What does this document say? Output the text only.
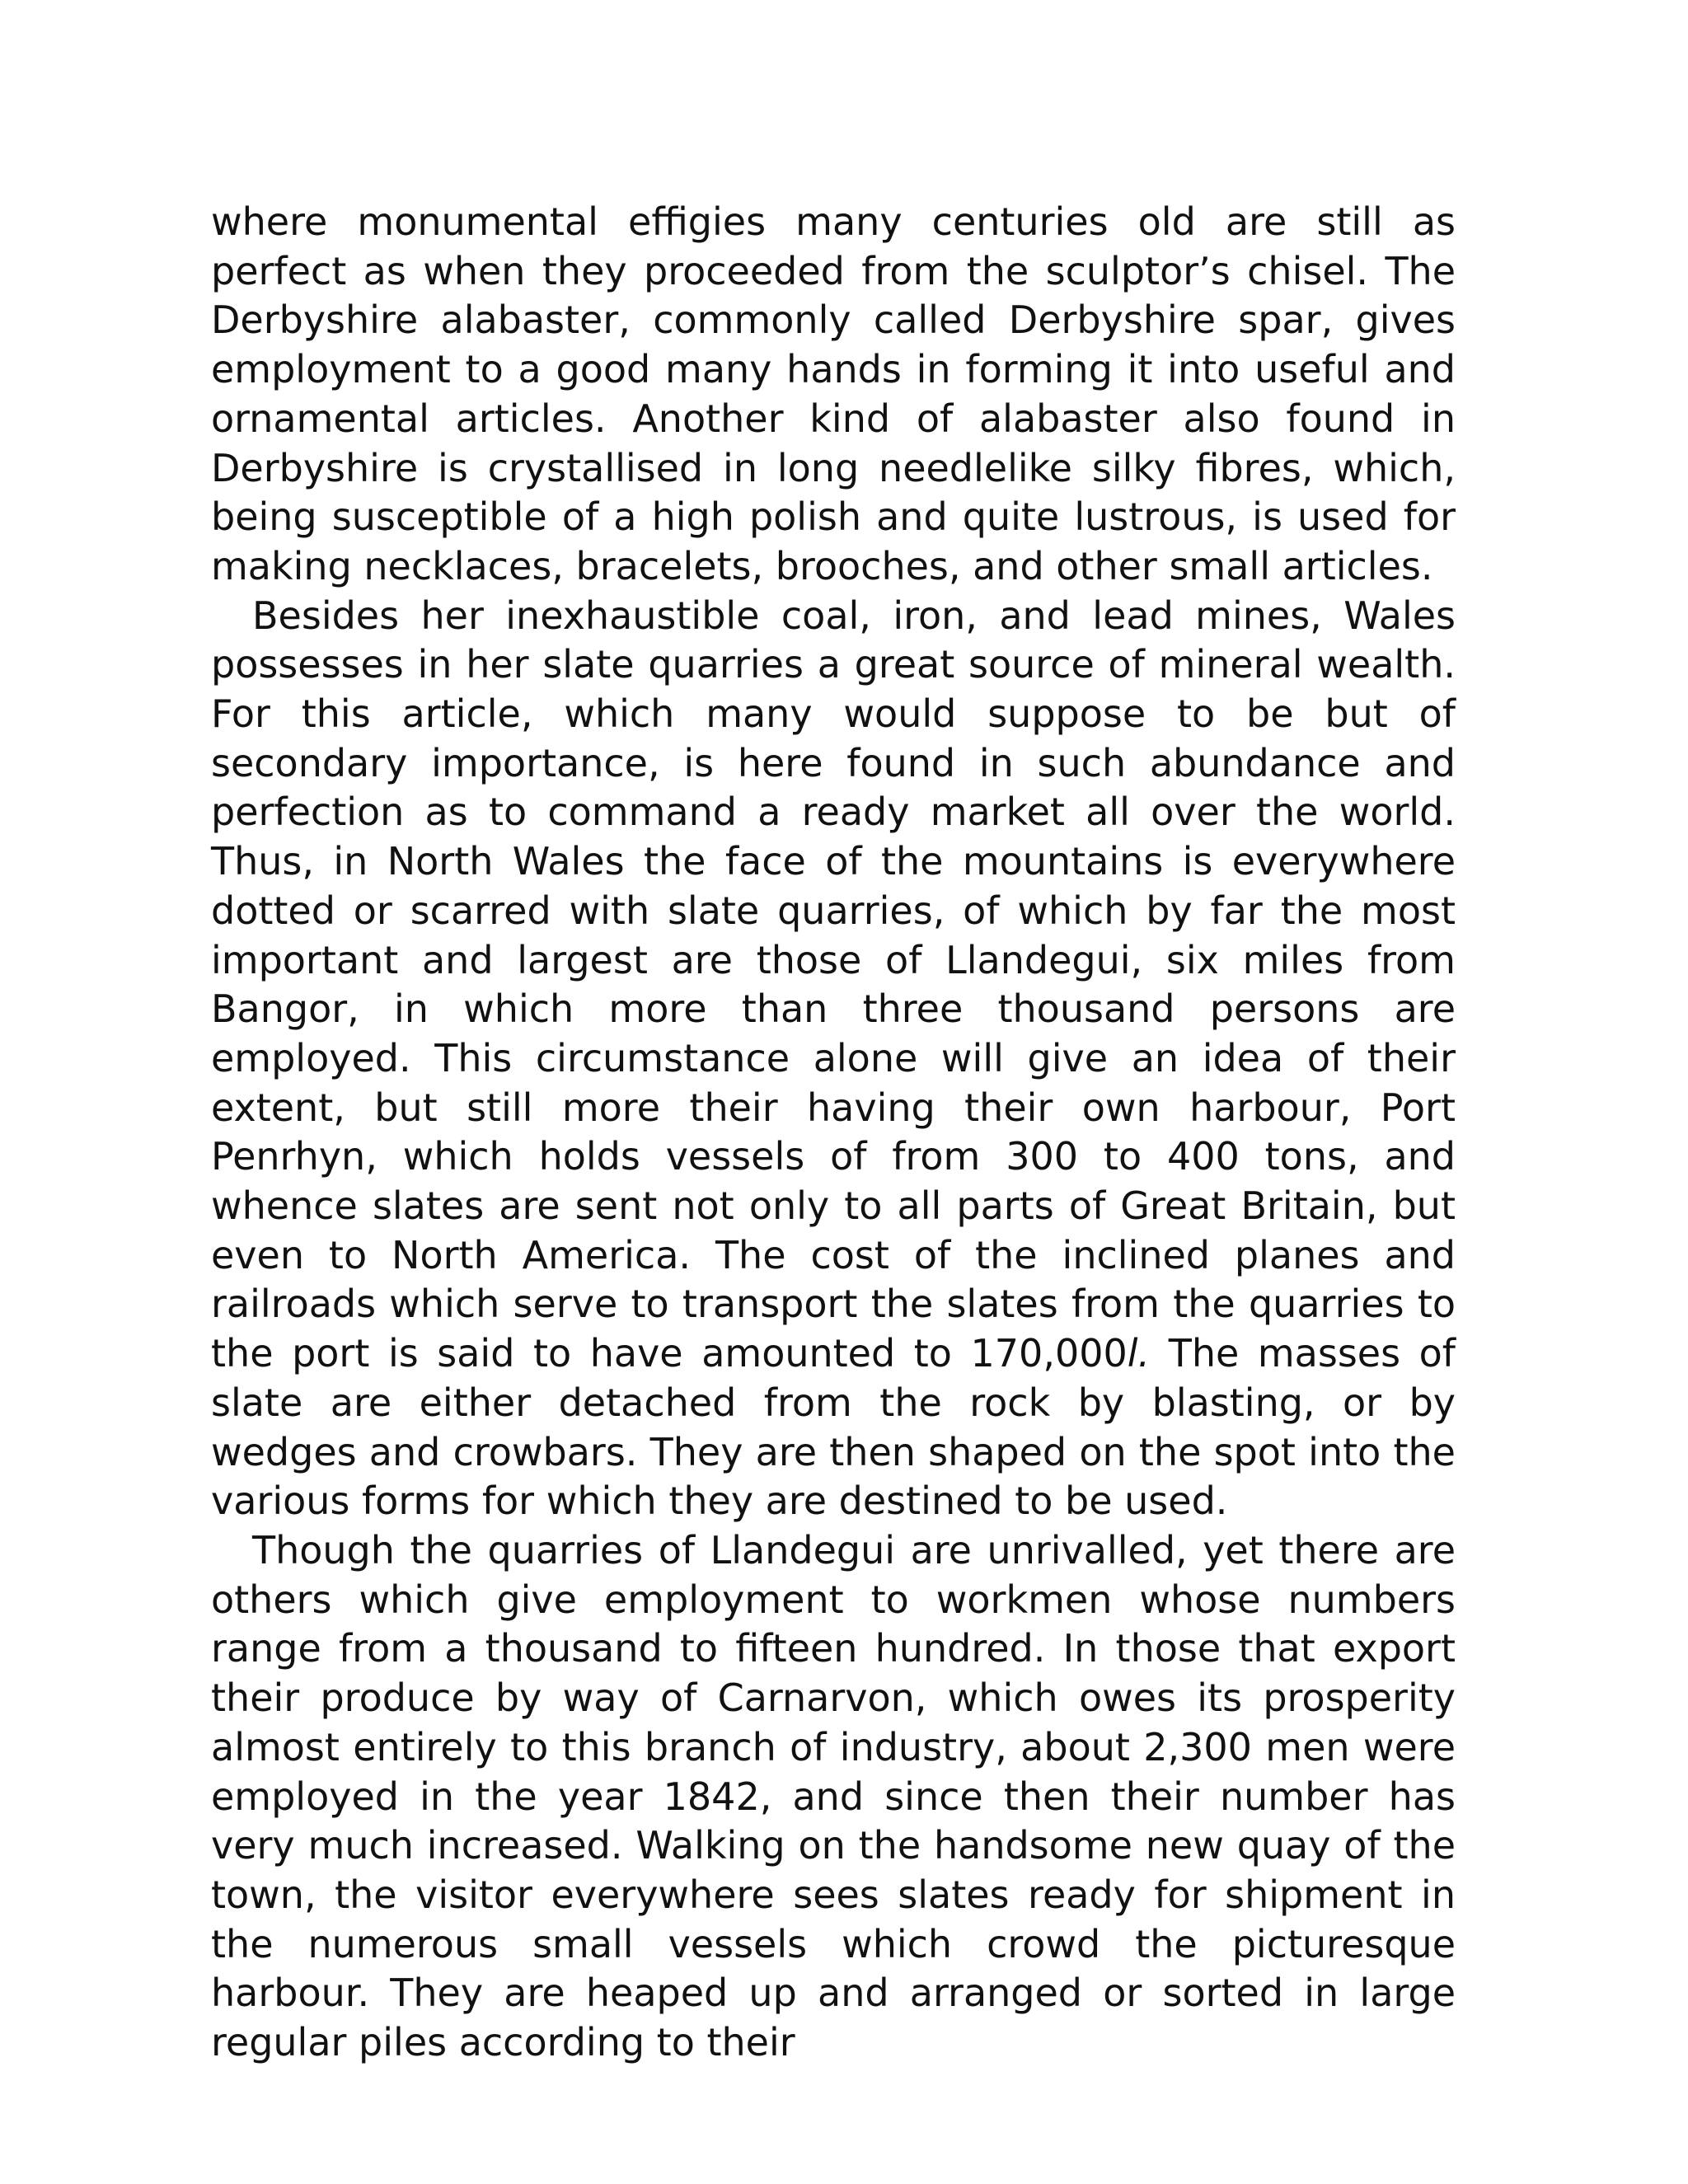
where monumental effigies many centuries old are still as perfect as when they proceeded from the sculptor’s chisel. The Derbyshire alabaster, commonly called Derbyshire spar, gives employment to a good many hands in forming it into useful and ornamental articles. Another kind of alabaster also found in Derbyshire is crystallised in long needlelike silky fibres, which, being susceptible of a high polish and quite lustrous, is used for making necklaces, bracelets, brooches, and other small articles.

Besides her inexhaustible coal, iron, and lead mines, Wales possesses in her slate quarries a great source of mineral wealth. For this article, which many would suppose to be but of secondary importance, is here found in such abundance and perfection as to command a ready market all over the world. Thus, in North Wales the face of the mountains is everywhere dotted or scarred with slate quarries, of which by far the most important and largest are those of Llandegui, six miles from Bangor, in which more than three thousand persons are employed. This circumstance alone will give an idea of their extent, but still more their having their own harbour, Port Penrhyn, which holds vessels of from 300 to 400 tons, and whence slates are sent not only to all parts of Great Britain, but even to North America. The cost of the inclined planes and railroads which serve to transport the slates from the quarries to the port is said to have amounted to 170,000l. The masses of slate are either detached from the rock by blasting, or by wedges and crowbars. They are then shaped on the spot into the various forms for which they are destined to be used.

Though the quarries of Llandegui are unrivalled, yet there are others which give employment to workmen whose numbers range from a thousand to fifteen hundred. In those that export their produce by way of Carnarvon, which owes its prosperity almost entirely to this branch of industry, about 2,300 men were employed in the year 1842, and since then their number has very much increased. Walking on the handsome new quay of the town, the visitor everywhere sees slates ready for shipment in the numerous small vessels which crowd the picturesque harbour. They are heaped up and arranged or sorted in large regular piles according to their
